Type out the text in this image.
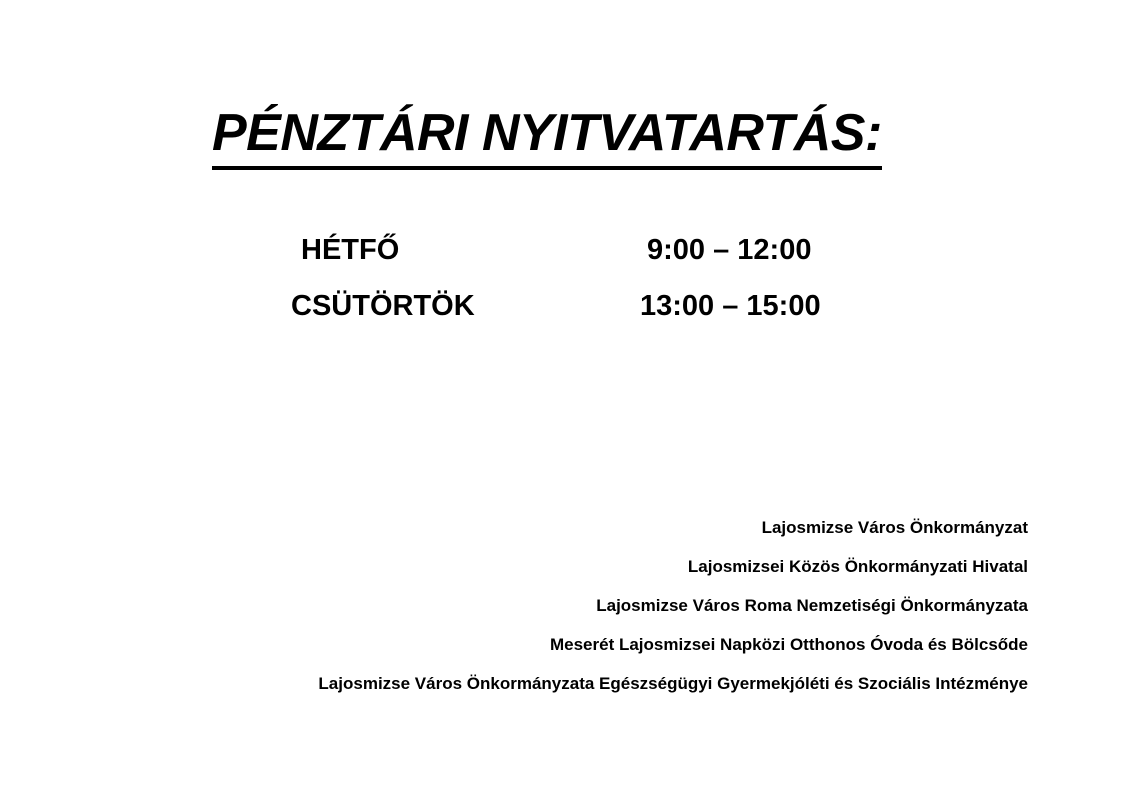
PÉNZTÁRI NYITVATARTÁS:
HÉTFŐ	9:00 – 12:00
CSÜTÖRTÖK	13:00 – 15:00
Lajosmizse Város Önkormányzat
Lajosmizsei Közös Önkormányzati Hivatal
Lajosmizse Város Roma Nemzetiségi Önkormányzata
Meserét Lajosmizsei Napközi Otthonos Óvoda és Bölcsőde
Lajosmizse Város Önkormányzata Egészségügyi Gyermekjóléti és Szociális Intézménye
